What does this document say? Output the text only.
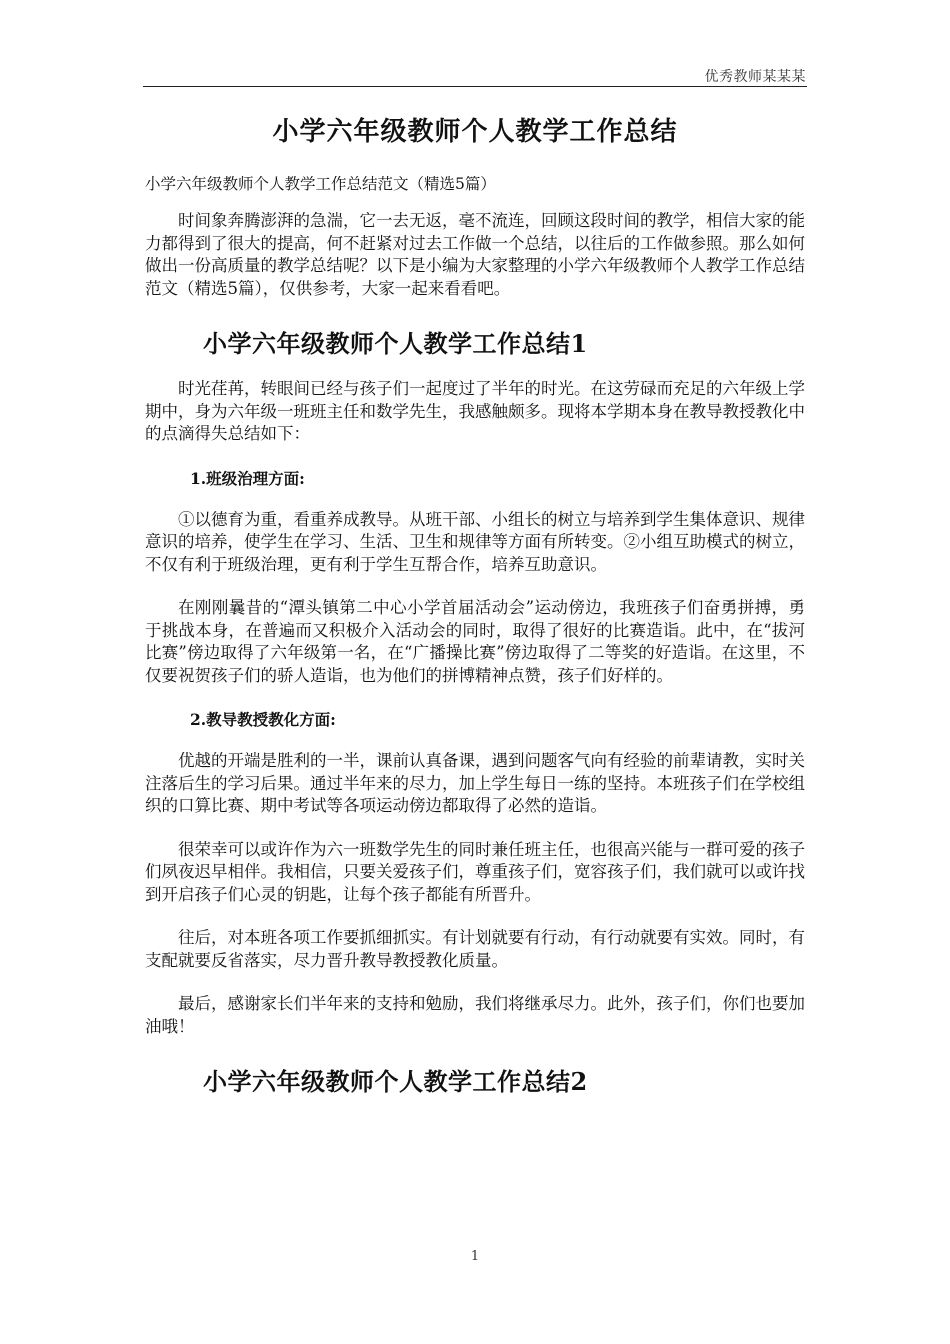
优秀教师某某某
小学六年级教师个人教学工作总结

小学六年级教师个人教学工作总结范文（精选5篇）

时间象奔腾澎湃的急湍，它一去无返，毫不流连，回顾这段时间的教学，相信大家的能力都得到了很大的提高，何不赶紧对过去工作做一个总结，以往后的工作做参照。那么如何做出一份高质量的教学总结呢？以下是小编为大家整理的小学六年级教师个人教学工作总结范文（精选5篇），仅供参考，大家一起来看看吧。

小学六年级教师个人教学工作总结1

时光荏苒，转眼间已经与孩子们一起度过了半年的时光。在这劳碌而充足的六年级上学期中，身为六年级一班班主任和数学先生，我感触颇多。现将本学期本身在教导教授教化中的点滴得失总结如下：

1.班级治理方面:

①以德育为重，看重养成教导。从班干部、小组长的树立与培养到学生集体意识、规律意识的培养，使学生在学习、生活、卫生和规律等方面有所转变。②小组互助模式的树立，不仅有利于班级治理，更有利于学生互帮合作，培养互助意识。

在刚刚曩昔的“潭头镇第二中心小学首届活动会”运动傍边，我班孩子们奋勇拼搏，勇于挑战本身，在普遍而又积极介入活动会的同时，取得了很好的比赛造诣。此中，在“拔河比赛”傍边取得了六年级第一名，在“广播操比赛”傍边取得了二等奖的好造诣。在这里，不仅要祝贺孩子们的骄人造诣，也为他们的拼博精神点赞，孩子们好样的。

2.教导教授教化方面:

优越的开端是胜利的一半，课前认真备课，遇到问题客气向有经验的前辈请教，实时关注落后生的学习后果。通过半年来的尽力，加上学生每日一练的坚持。本班孩子们在学校组织的口算比赛、期中考试等各项运动傍边都取得了必然的造诣。

很荣幸可以或许作为六一班数学先生的同时兼任班主任，也很高兴能与一群可爱的孩子们夙夜迟早相伴。我相信，只要关爱孩子们，尊重孩子们，宽容孩子们，我们就可以或许找到开启孩子们心灵的钥匙，让每个孩子都能有所晋升。

往后，对本班各项工作要抓细抓实。有计划就要有行动，有行动就要有实效。同时，有支配就要反省落实，尽力晋升教导教授教化质量。

最后，感谢家长们半年来的支持和勉励，我们将继承尽力。此外，孩子们，你们也要加油哦！

小学六年级教师个人教学工作总结2
1
